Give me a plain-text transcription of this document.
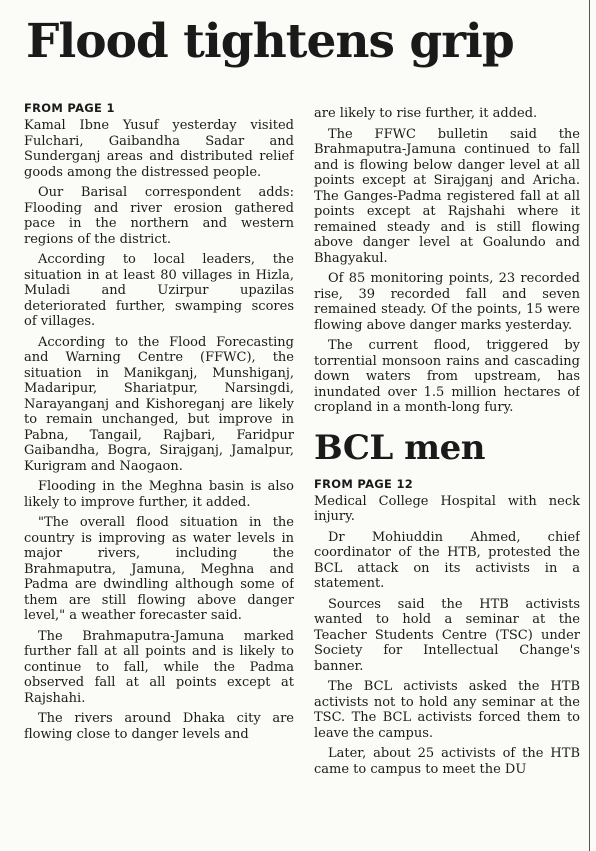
Flood tightens grip
FROM PAGE 1

Kamal Ibne Yusuf yesterday visited Fulchari, Gaibandha Sadar and Sunderganj areas and distributed relief goods among the distressed people.

Our Barisal correspondent adds: Flooding and river erosion gathered pace in the northern and western regions of the district.

According to local leaders, the situation in at least 80 villages in Hizla, Muladi and Uzirpur upazilas deteriorated further, swamping scores of villages.

According to the Flood Forecasting and Warning Centre (FFWC), the situation in Manikganj, Munshiganj, Madaripur, Shariatpur, Narsingdi, Narayanganj and Kishoreganj are likely to remain unchanged, but improve in Pabna, Tangail, Rajbari, Faridpur Gaibandha, Bogra, Sirajganj, Jamalpur, Kurigram and Naogaon.

Flooding in the Meghna basin is also likely to improve further, it added.

"The overall flood situation in the country is improving as water levels in major rivers, including the Brahmaputra, Jamuna, Meghna and Padma are dwindling although some of them are still flowing above danger level," a weather forecaster said.

The Brahmaputra-Jamuna marked further fall at all points and is likely to continue to fall, while the Padma observed fall at all points except at Rajshahi.

The rivers around Dhaka city are flowing close to danger levels and

are likely to rise further, it added.

The FFWC bulletin said the Brahmaputra-Jamuna continued to fall and is flowing below danger level at all points except at Sirajganj and Aricha. The Ganges-Padma registered fall at all points except at Rajshahi where it remained steady and is still flowing above danger level at Goalundo and Bhagyakul.

Of 85 monitoring points, 23 recorded rise, 39 recorded fall and seven remained steady. Of the points, 15 were flowing above danger marks yesterday.

The current flood, triggered by torrential monsoon rains and cascading down waters from upstream, has inundated over 1.5 million hectares of cropland in a month-long fury.

BCL men
FROM PAGE 12

Medical College Hospital with neck injury.

Dr Mohiuddin Ahmed, chief coordinator of the HTB, protested the BCL attack on its activists in a statement.

Sources said the HTB activists wanted to hold a seminar at the Teacher Students Centre (TSC) under Society for Intellectual Change's banner.

The BCL activists asked the HTB activists not to hold any seminar at the TSC. The BCL activists forced them to leave the campus.

Later, about 25 activists of the HTB came to campus to meet the DU
